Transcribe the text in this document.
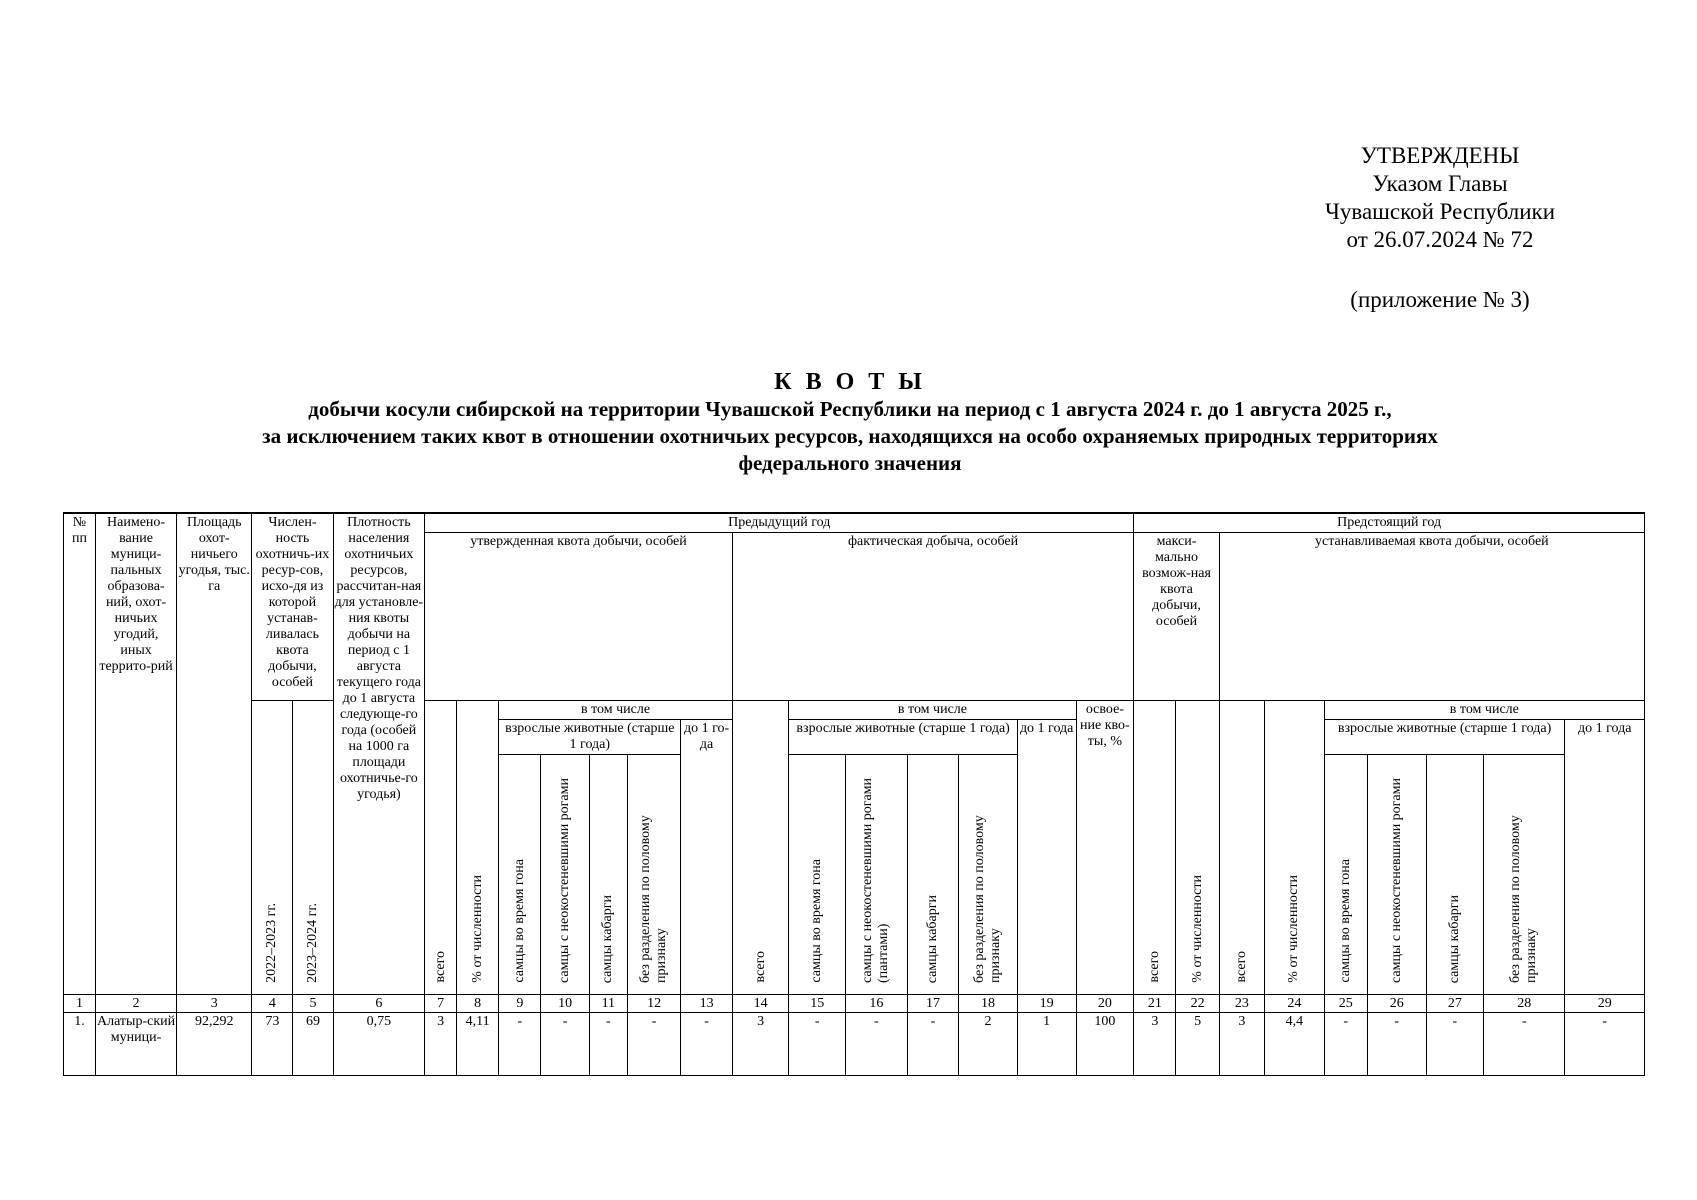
УТВЕРЖДЕНЫ
Указом Главы
Чувашской Республики
от 26.07.2024 № 72
(приложение № 3)
К В О Т Ы
добычи косули сибирской на территории Чувашской Республики на период с 1 августа 2024 г. до 1 августа 2025 г.,
за исключением таких квот в отношении охотничьих ресурсов, находящихся на особо охраняемых природных территориях
федерального значения
№ пп	Наимено-вание муници-пальных образова-ний, охот-ничьих угодий, иных террито-рий	Площадь охот-ничьего угодья, тыс. га	Числен-ность охотничь-их ресур-сов, исхо-дя из которой устанав-ливалась квота добычи, особей		Плотность населения охотничьих ресурсов, рассчитан-ная для установле-ния квоты добычи на период с 1 августа текущего года до 1 августа следующе-го года (особей на 1000 га площади охотничье-го угодья)	Предыдущий год														Предстоящий год								
						утвержденная квота добычи, особей							фактическая добыча, особей							макси-мально возмож-ная квота добычи, особей		устанавливаемая квота добычи, особей						
			2022–2023 гг.	2023–2024 гг.		всего	% от численности	в том числе					всего	в том числе					освое-ние кво-ты, %	всего	% от численности	всего	% от численности	в том числе				
								взрослые животные (старше 1 года)				до 1 го-да		взрослые животные (старше 1 года)				до 1 года						взрослые животные (старше 1 года)				до 1 года
								самцы во время гона	самцы с неокостеневшими рогами	самцы кабарги	без разделения по половому признаку			самцы во время гона	самцы с неокостеневшими рогами (пантами)	самцы кабарги	без разделения по половому признаку							самцы во время гона	самцы с неокостеневшими рогами	самцы кабарги	без разделения по половому признаку	
1	2	3	4	5	6	7	8	9	10	11	12	13	14	15	16	17	18	19	20	21	22	23	24	25	26	27	28	29
1.	Алатыр-ский муници-	92,292	73	69	0,75	3	4,11	-	-	-	-	-	3	-	-	-	2	1	100	3	5	3	4,4	-	-	-	-	-
